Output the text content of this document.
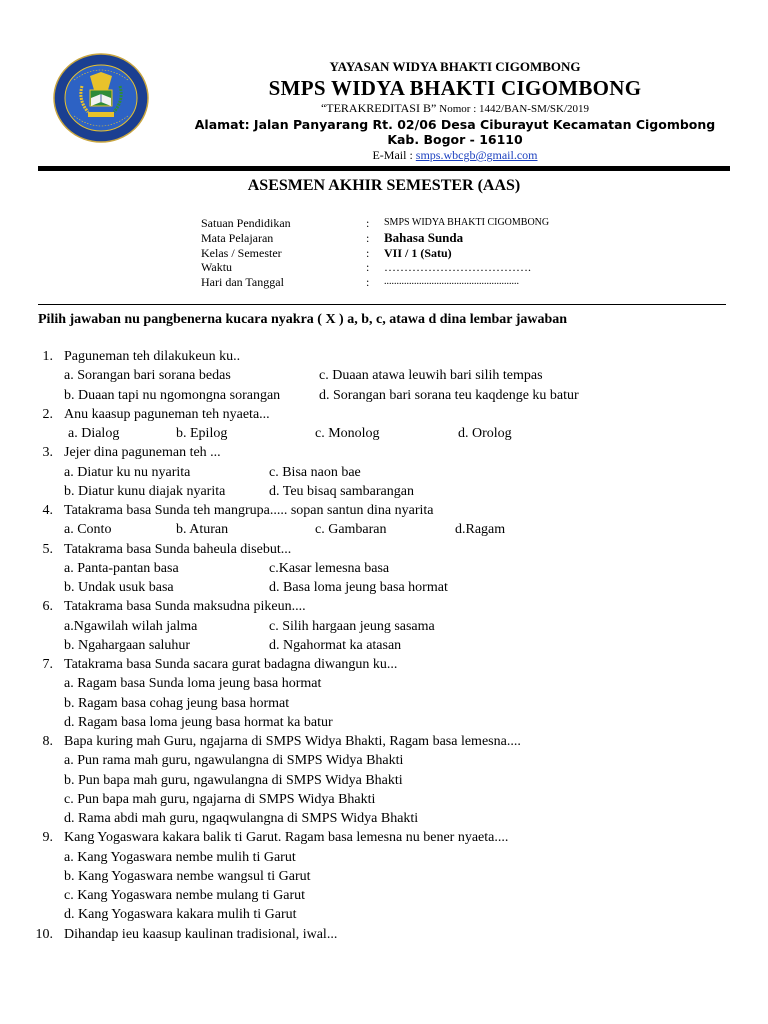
YAYASAN WIDYA BHAKTI CIGOMBONG
SMPS WIDYA BHAKTI CIGOMBONG
“TERAKREDITASI B” Nomor : 1442/BAN-SM/SK/2019
Alamat: Jalan Panyarang Rt. 02/06 Desa Ciburayut Kecamatan Cigombong
Kab. Bogor - 16110
E-Mail : smps.wbcgb@gmail.com
ASESMEN AKHIR SEMESTER (AAS)
Satuan Pendidikan	: SMPS WIDYA BHAKTI CIGOMBONG
Mata Pelajaran	: Bahasa Sunda
Kelas / Semester	: VII / 1 (Satu)
Waktu	: ……………………………….
Hari dan Tanggal	: ......................................................
Pilih jawaban nu pangbenerna kucara nyakra ( X ) a, b, c, atawa d dina lembar jawaban
1. Paguneman teh dilakukeun ku..
a. Sorangan bari sorana bedas	c. Duaan atawa leuwih bari silih tempas
b. Duaan tapi nu ngomongna sorangan	d. Sorangan bari sorana teu kaqdenge ku batur
2. Anu kaasup paguneman teh nyaeta...
a. Dialog	b. Epilog	c. Monolog	d. Orolog
3. Jejer dina paguneman teh ...
a. Diatur ku nu nyarita	c. Bisa naon bae
b. Diatur kunu diajak nyarita	d. Teu bisaq sambarangan
4. Tatakrama basa Sunda teh mangrupa..... sopan santun dina nyarita
a. Conto	b. Aturan	c. Gambaran	d.Ragam
5. Tatakrama basa Sunda baheula disebut...
a. Panta-pantan basa	c.Kasar lemesna basa
b. Undak usuk basa	d. Basa loma jeung basa hormat
6. Tatakrama basa Sunda maksudna pikeun....
a.Ngawilah wilah jalma	c. Silih hargaan jeung sasama
b. Ngahargaan saluhur	d. Ngahormat ka atasan
7. Tatakrama basa Sunda sacara gurat badagna diwangun ku...
a. Ragam basa Sunda loma jeung basa hormat
b. Ragam basa cohag jeung basa hormat
d. Ragam basa loma jeung basa hormat ka batur
8. Bapa kuring mah Guru, ngajarna di SMPS Widya Bhakti, Ragam basa lemesna....
a. Pun rama mah guru, ngawulangna di SMPS Widya Bhakti
b. Pun bapa mah guru, ngawulangna di SMPS Widya Bhakti
c. Pun bapa mah guru, ngajarna di SMPS Widya Bhakti
d. Rama abdi mah guru, ngaqwulangna di SMPS Widya Bhakti
9. Kang Yogaswara kakara balik ti Garut. Ragam basa lemesna nu bener nyaeta....
a. Kang Yogaswara nembe mulih ti Garut
b. Kang Yogaswara nembe wangsul ti Garut
c. Kang Yogaswara nembe mulang ti Garut
d. Kang Yogaswara kakara mulih ti Garut
10. Dihandap ieu kaasup kaulinan tradisional, iwal...
